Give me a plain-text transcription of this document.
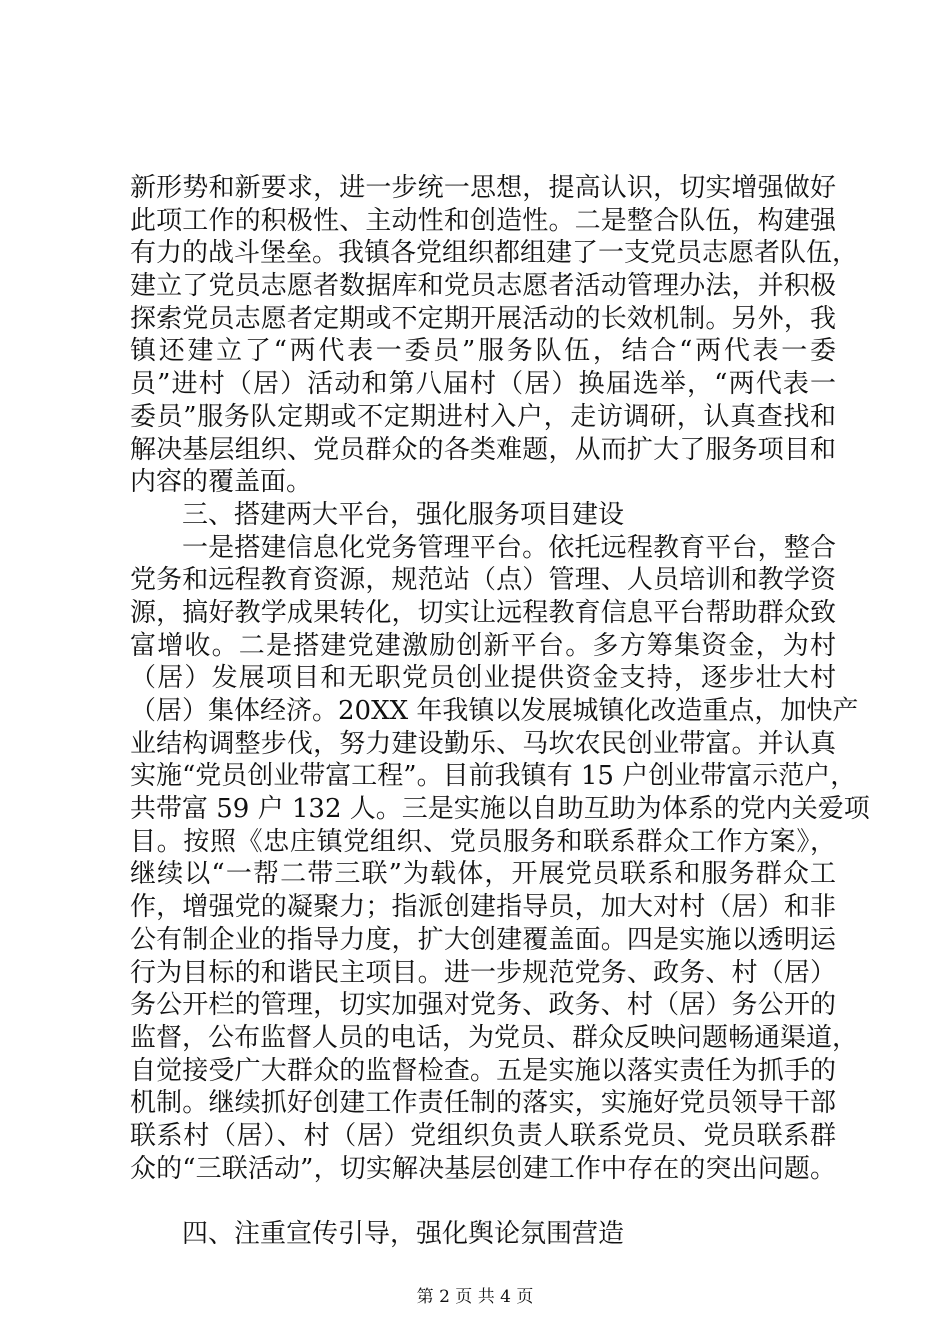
新形势和新要求，进一步统一思想，提高认识，切实增强做好
此项工作的积极性、主动性和创造性。二是整合队伍，构建强
有力的战斗堡垒。我镇各党组织都组建了一支党员志愿者队伍，
建立了党员志愿者数据库和党员志愿者活动管理办法，并积极
探索党员志愿者定期或不定期开展活动的长效机制。另外，我
镇还建立了“两代表一委员”服务队伍，结合“两代表一委
员”进村（居）活动和第八届村（居）换届选举，“两代表一
委员”服务队定期或不定期进村入户，走访调研，认真查找和
解决基层组织、党员群众的各类难题，从而扩大了服务项目和
内容的覆盖面。
三、搭建两大平台，强化服务项目建设
一是搭建信息化党务管理平台。依托远程教育平台，整合
党务和远程教育资源，规范站（点）管理、人员培训和教学资
源，搞好教学成果转化，切实让远程教育信息平台帮助群众致
富增收。二是搭建党建激励创新平台。多方筹集资金，为村
（居）发展项目和无职党员创业提供资金支持，逐步壮大村
（居）集体经济。20XX 年我镇以发展城镇化改造重点，加快产
业结构调整步伐，努力建设勤乐、马坎农民创业带富。并认真
实施“党员创业带富工程”。目前我镇有 15 户创业带富示范户，
共带富 59 户 132 人。三是实施以自助互助为体系的党内关爱项
目。按照《忠庄镇党组织、党员服务和联系群众工作方案》，
继续以“一帮二带三联”为载体，开展党员联系和服务群众工
作，增强党的凝聚力；指派创建指导员，加大对村（居）和非
公有制企业的指导力度，扩大创建覆盖面。四是实施以透明运
行为目标的和谐民主项目。进一步规范党务、政务、村（居）
务公开栏的管理，切实加强对党务、政务、村（居）务公开的
监督，公布监督人员的电话，为党员、群众反映问题畅通渠道，
自觉接受广大群众的监督检查。五是实施以落实责任为抓手的
机制。继续抓好创建工作责任制的落实，实施好党员领导干部
联系村（居）、村（居）党组织负责人联系党员、党员联系群
众的“三联活动”，切实解决基层创建工作中存在的突出问题。
四、注重宣传引导，强化舆论氛围营造
第 2 页 共 4 页
